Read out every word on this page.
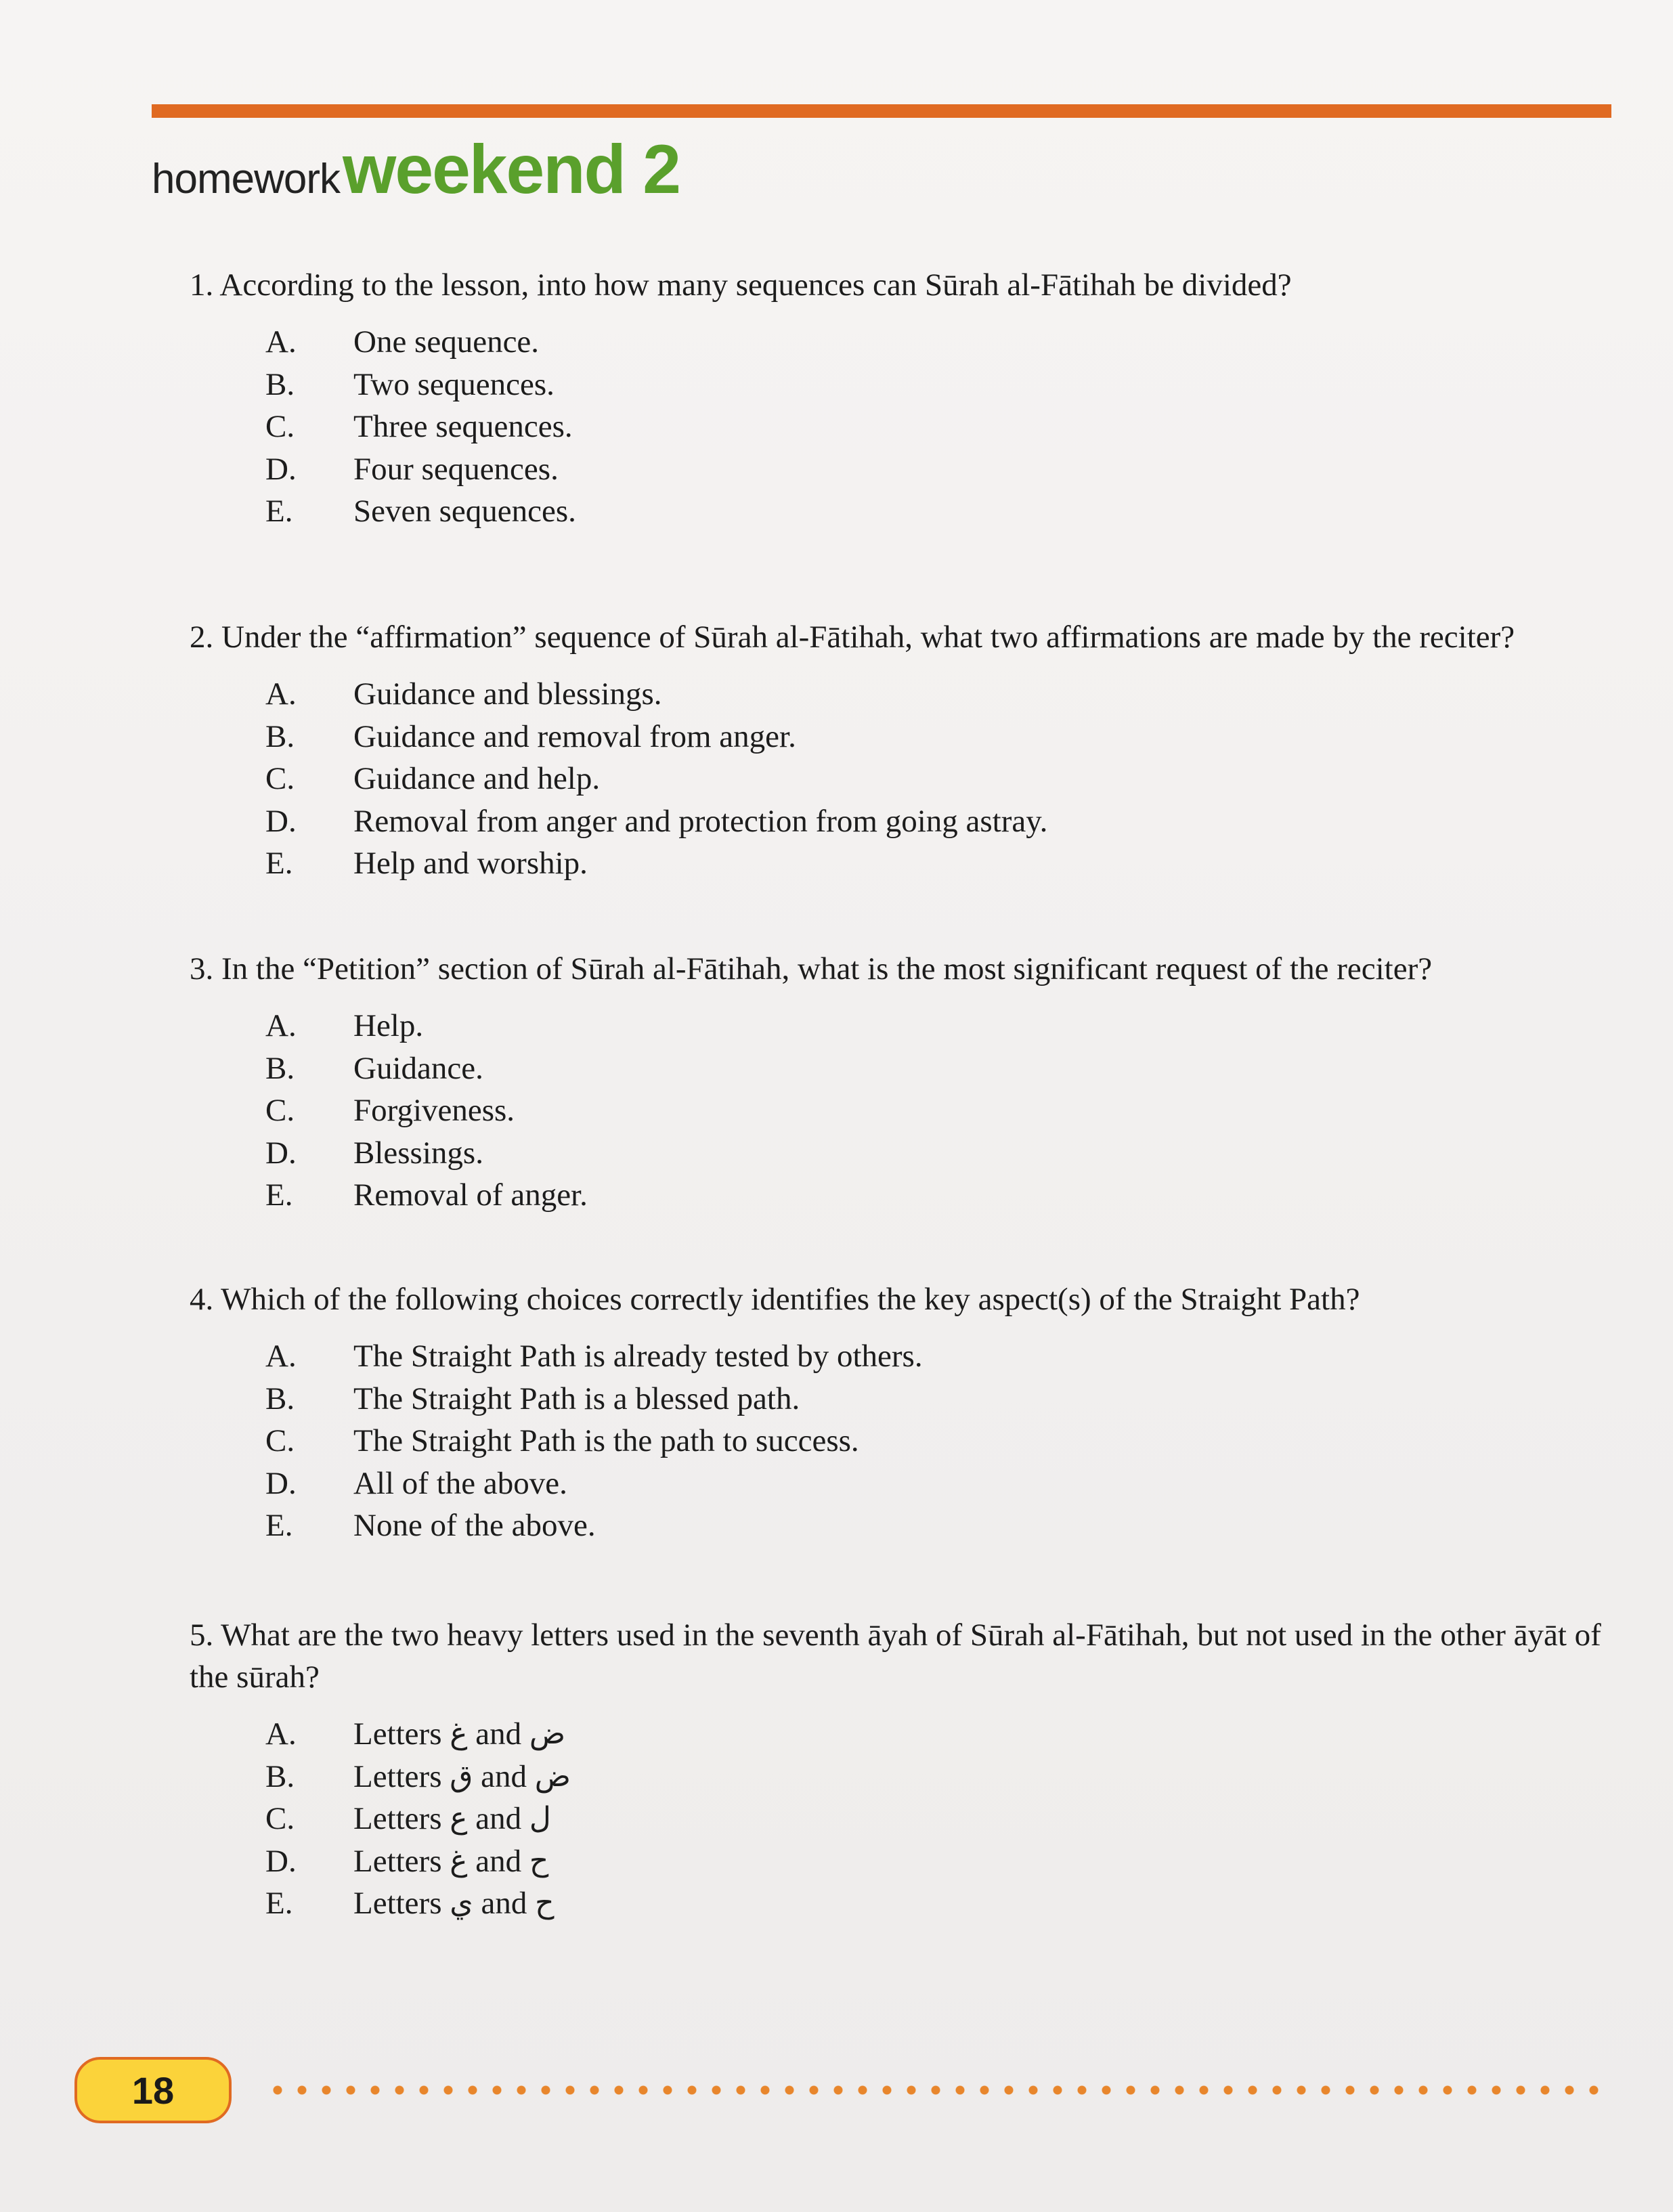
homework weekend 2

1. According to the lesson, into how many sequences can Sūrah al-Fātihah be divided?

A.	One sequence.
B.	Two sequences.
C.	Three sequences.
D.	Four sequences.
E.	Seven sequences.

2. Under the “affirmation” sequence of Sūrah al-Fātihah, what two affirmations are made by the reciter?

A.	Guidance and blessings.
B.	Guidance and removal from anger.
C.	Guidance and help.
D.	Removal from anger and protection from going astray.
E.	Help and worship.

3. In the “Petition” section of Sūrah al-Fātihah, what is the most significant request of the reciter?

A.	Help.
B.	Guidance.
C.	Forgiveness.
D.	Blessings.
E.	Removal of anger.

4. Which of the following choices correctly identifies the key aspect(s) of the Straight Path?

A.	The Straight Path is already tested by others.
B.	The Straight Path is a blessed path.
C.	The Straight Path is the path to success.
D.	All of the above.
E.	None of the above.

5. What are the two heavy letters used in the seventh āyah of Sūrah al-Fātihah, but not used in the other āyāt of the sūrah?

A.	Letters
غ
and
ض
B.	Letters
ق
and
ض
C.	Letters
ع
and
ل
D.	Letters
غ
and
ح
E.	Letters
ي
and
ح
18
